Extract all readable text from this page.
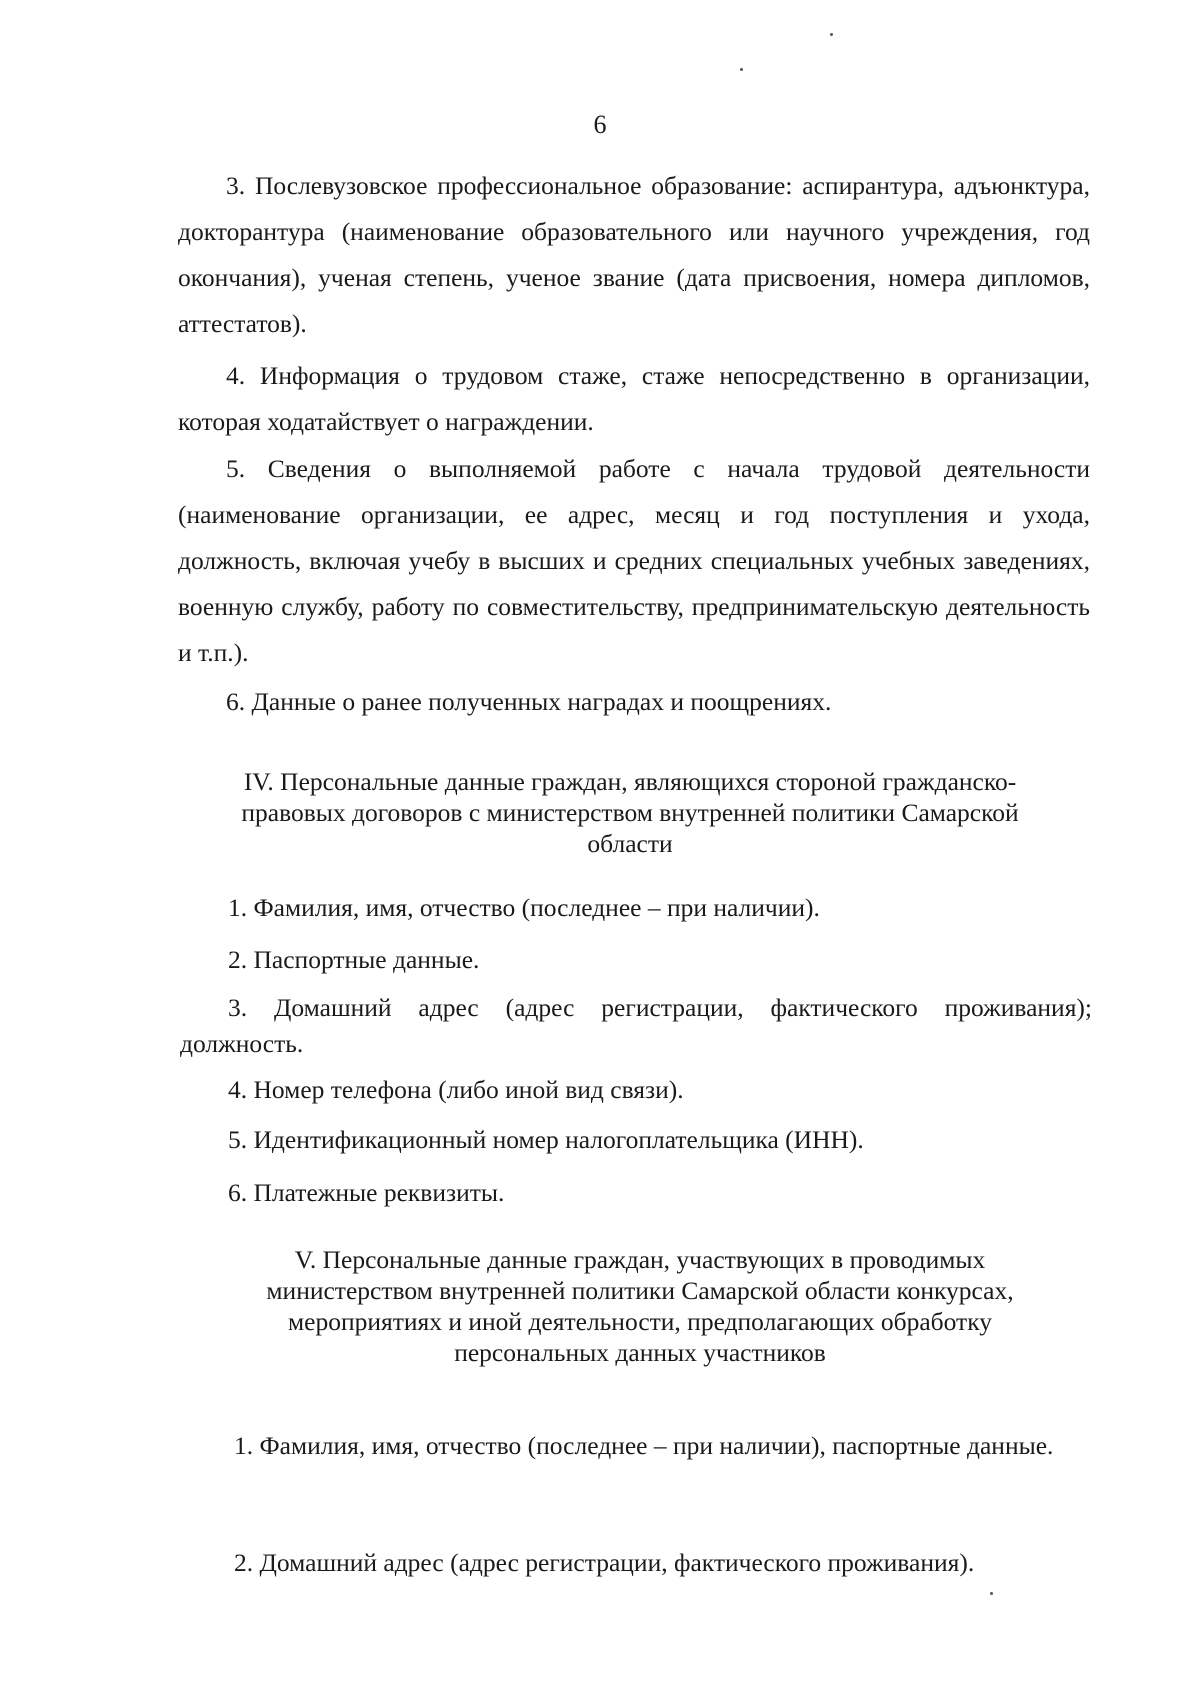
6

3. Послевузовское профессиональное образование: аспирантура, адъюнктура, докторантура (наименование образовательного или научного учреждения, год окончания), ученая степень, ученое звание (дата присвоения, номера дипломов, аттестатов).

4. Информация о трудовом стаже, стаже непосредственно в организации, которая ходатайствует о награждении.

5. Сведения о выполняемой работе с начала трудовой деятельности (наименование организации, ее адрес, месяц и год поступления и ухода, должность, включая учебу в высших и средних специальных учебных заведениях, военную службу, работу по совместительству, предпринимательскую деятельность и т.п.).

6. Данные о ранее полученных наградах и поощрениях.

IV. Персональные данные граждан, являющихся стороной гражданско-правовых договоров с министерством внутренней политики Самарской области

1. Фамилия, имя, отчество (последнее – при наличии).

2. Паспортные данные.

3. Домашний адрес (адрес регистрации, фактического проживания); должность.

4. Номер телефона (либо иной вид связи).

5. Идентификационный номер налогоплательщика (ИНН).

6. Платежные реквизиты.

V. Персональные данные граждан, участвующих в проводимых министерством внутренней политики Самарской области конкурсах, мероприятиях и иной деятельности, предполагающих обработку персональных данных участников

1. Фамилия, имя, отчество (последнее – при наличии), паспортные данные.

2. Домашний адрес (адрес регистрации, фактического проживания).
